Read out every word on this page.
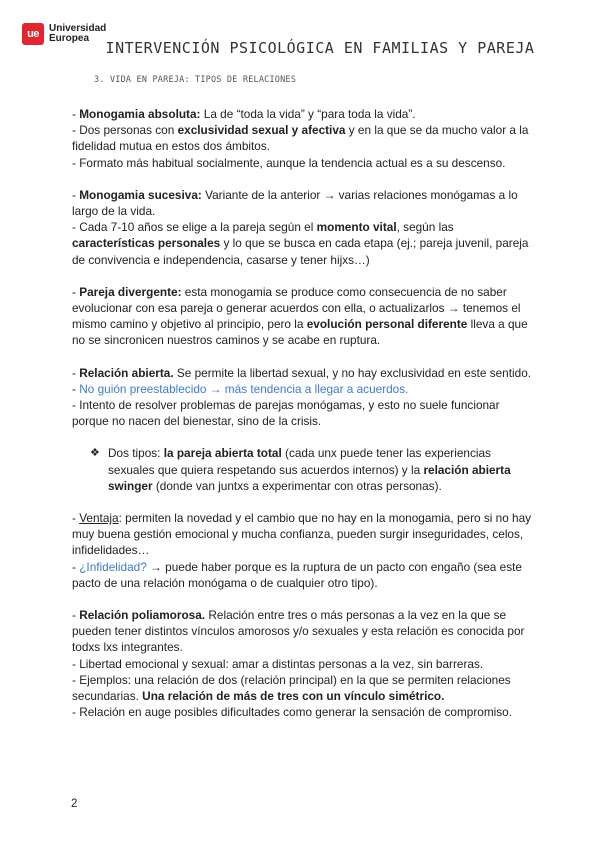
ue	Universidad
Europea
INTERVENCIÓN PSICOLÓGICA EN FAMILIAS Y PAREJA
3. VIDA EN PAREJA: TIPOS DE RELACIONES

- Monogamia absoluta: La de “toda la vida” y “para toda la vida”.

- Dos personas con exclusividad sexual y afectiva y en la que se da mucho valor a la fidelidad mutua en estos dos ámbitos.

- Formato más habitual socialmente, aunque la tendencia actual es a su descenso.

- Monogamia sucesiva: Variante de la anterior → varias relaciones monógamas a lo largo de la vida.

- Cada 7-10 años se elige a la pareja según el momento vital, según las características personales y lo que se busca en cada etapa (ej.; pareja juvenil, pareja de convivencia e independencia, casarse y tener hijxs…)

- Pareja divergente: esta monogamia se produce como consecuencia de no saber evolucionar con esa pareja o generar acuerdos con ella, o actualizarlos → tenemos el mismo camino y objetivo al principio, pero la evolución personal diferente lleva a que no se sincronicen nuestros caminos y se acabe en ruptura.

- Relación abierta. Se permite la libertad sexual, y no hay exclusividad en este sentido.

- No guión preestablecido → más tendencia a llegar a acuerdos.

- Intento de resolver problemas de parejas monógamas, y esto no suele funcionar porque no nacen del bienestar, sino de la crisis.

❖ Dos tipos: la pareja abierta total (cada unx puede tener las experiencias sexuales que quiera respetando sus acuerdos internos) y la relación abierta swinger (donde van juntxs a experimentar con otras personas).

- Ventaja: permiten la novedad y el cambio que no hay en la monogamia, pero si no hay muy buena gestión emocional y mucha confianza, pueden surgir inseguridades, celos, infidelidades…

- ¿Infidelidad? → puede haber porque es la ruptura de un pacto con engaño (sea este pacto de una relación monógama o de cualquier otro tipo).

- Relación poliamorosa. Relación entre tres o más personas a la vez en la que se pueden tener distintos vínculos amorosos y/o sexuales y esta relación es conocida por todxs lxs integrantes.

- Libertad emocional y sexual: amar a distintas personas a la vez, sin barreras.

- Ejemplos: una relación de dos (relación principal) en la que se permiten relaciones secundarias. Una relación de más de tres con un vínculo simétrico.

- Relación en auge posibles dificultades como generar la sensación de compromiso.

2
